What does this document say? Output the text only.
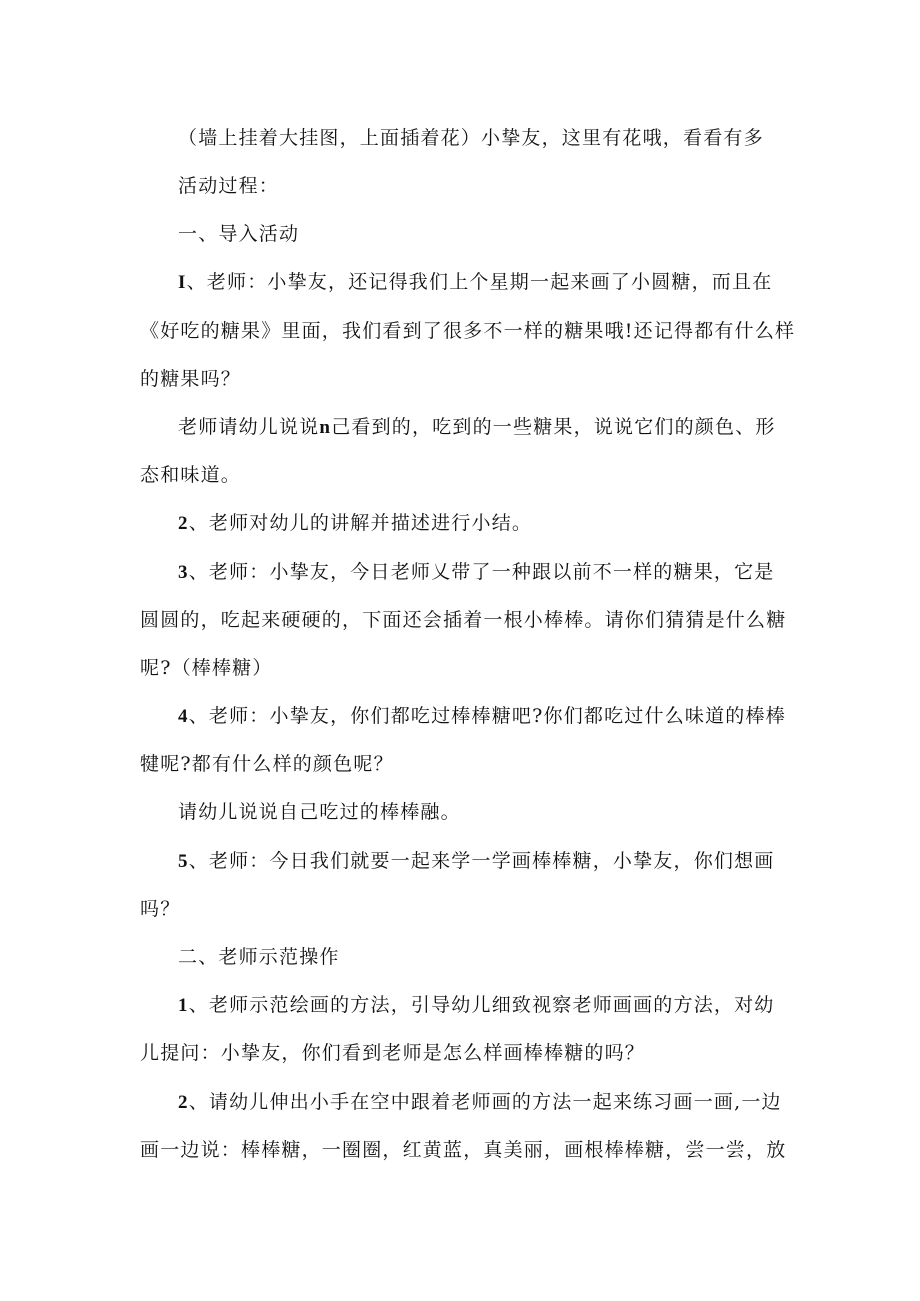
（墙上挂着大挂图，上面插着花）小挚友，这里有花哦，看看有多
活动过程：
一、导入活动
I、老师：小挚友，还记得我们上个星期一起来画了小圆糖，而且在
《好吃的糖果》里面，我们看到了很多不一样的糖果哦!还记得都有什么样
的糖果吗？
老师请幼儿说说n己看到的，吃到的一些糖果，说说它们的颜色、形
态和味道。
2、老师对幼儿的讲解并描述进行小结。
3、老师：小挚友，今日老师乂带了一种跟以前不一样的糖果，它是
圆圆的，吃起来硬硬的，下面还会插着一根小棒棒。请你们猜猜是什么糖
呢?（棒棒糖）
4、老师：小挚友，你们都吃过棒棒糖吧?你们都吃过什么味道的棒棒
犍呢?都有什么样的颜色呢？
请幼儿说说自己吃过的棒棒融。
5、老师：今日我们就要一起来学一学画棒棒糖，小挚友，你们想画
吗？
二、老师示范操作
1、老师示范绘画的方法，引导幼儿细致视察老师画画的方法，对幼
儿提问：小挚友，你们看到老师是怎么样画棒棒糖的吗？
2、请幼儿伸出小手在空中跟着老师画的方法一起来练习画一画,一边
画一边说：棒棒糖，一圈圈，红黄蓝，真美丽，画根棒棒糖，尝一尝，放
